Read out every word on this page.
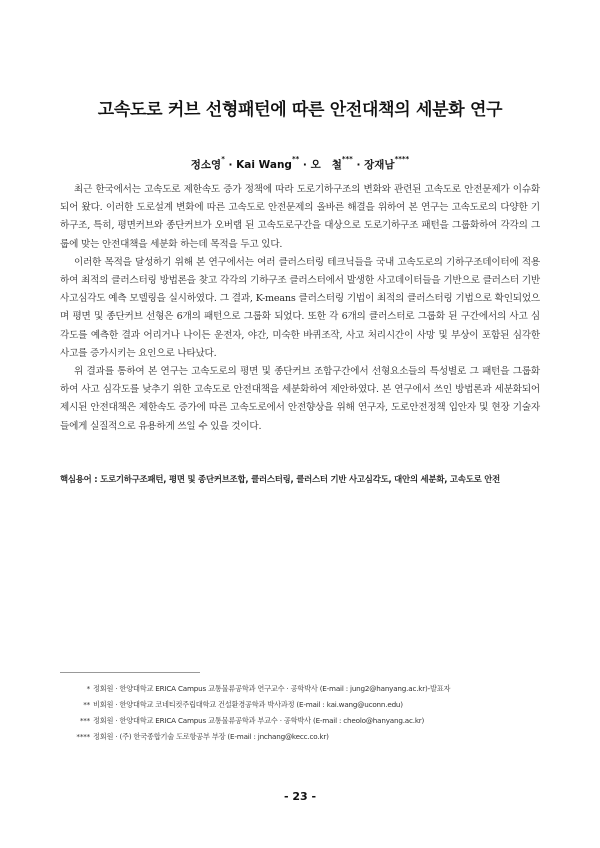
고속도로 커브 선형패턴에 따른 안전대책의 세분화 연구
정소영* · Kai Wang** · 오   철*** · 장재남****

최근 한국에서는 고속도로 제한속도 증가 정책에 따라 도로기하구조의 변화와 관련된 고속도로 안전문제가 이슈화 되어 왔다. 이러한 도로설계 변화에 따른 고속도로 안전문제의 올바른 해결을 위하여 본 연구는 고속도로의 다양한 기하구조, 특히, 평면커브와 종단커브가 오버랩 된 고속도로구간을 대상으로 도로기하구조 패턴을 그룹화하여 각각의 그룹에 맞는 안전대책을 세분화 하는데 목적을 두고 있다.

이러한 목적을 달성하기 위해 본 연구에서는 여러 클러스터링 테크닉들을 국내 고속도로의 기하구조데이터에 적용하여 최적의 클러스터링 방법론을 찾고 각각의 기하구조 클러스터에서 발생한 사고데이터들을 기반으로 클러스터 기반 사고심각도 예측 모델링을 실시하였다. 그 결과, K-means 클러스터링 기법이 최적의 클러스터링 기법으로 확인되었으며 평면 및 종단커브 선형은 6개의 패턴으로 그룹화 되었다. 또한 각 6개의 클러스터로 그룹화 된 구간에서의 사고 심각도를 예측한 결과 어리거나 나이든 운전자, 야간, 미숙한 바퀴조작, 사고 처리시간이 사망 및 부상이 포함된 심각한 사고를 증가시키는 요인으로 나타났다.

위 결과를 통하여 본 연구는 고속도로의 평면 및 종단커브 조합구간에서 선형요소들의 특성별로 그 패턴을 그룹화하여 사고 심각도를 낮추기 위한 고속도로 안전대책을 세분화하여 제안하였다. 본 연구에서 쓰인 방법론과 세분화되어 제시된 안전대책은 제한속도 증가에 따른 고속도로에서 안전향상을 위해 연구자, 도로안전정책 입안자 및 현장 기술자들에게 실질적으로 유용하게 쓰일 수 있을 것이다.

핵심용어 : 도로기하구조패턴, 평면 및 종단커브조합, 클러스터링, 클러스터 기반 사고심각도, 대안의 세분화, 고속도로 안전
* 정회원 · 한양대학교 ERICA Campus 교통물류공학과 연구교수 · 공학박사 (E-mail : jung2@hanyang.ac.kr)-발표자
** 비회원 · 한양대학교 코네티컷주립대학교 건설환경공학과 박사과정 (E-mail : kai.wang@uconn.edu)
*** 정회원 · 한양대학교 ERICA Campus 교통물류공학과 부교수 · 공학박사 (E-mail : cheolo@hanyang.ac.kr)
**** 정회원 · (주) 한국종합기술 도로항공부 부장 (E-mail : jnchang@kecc.co.kr)
- 23 -
